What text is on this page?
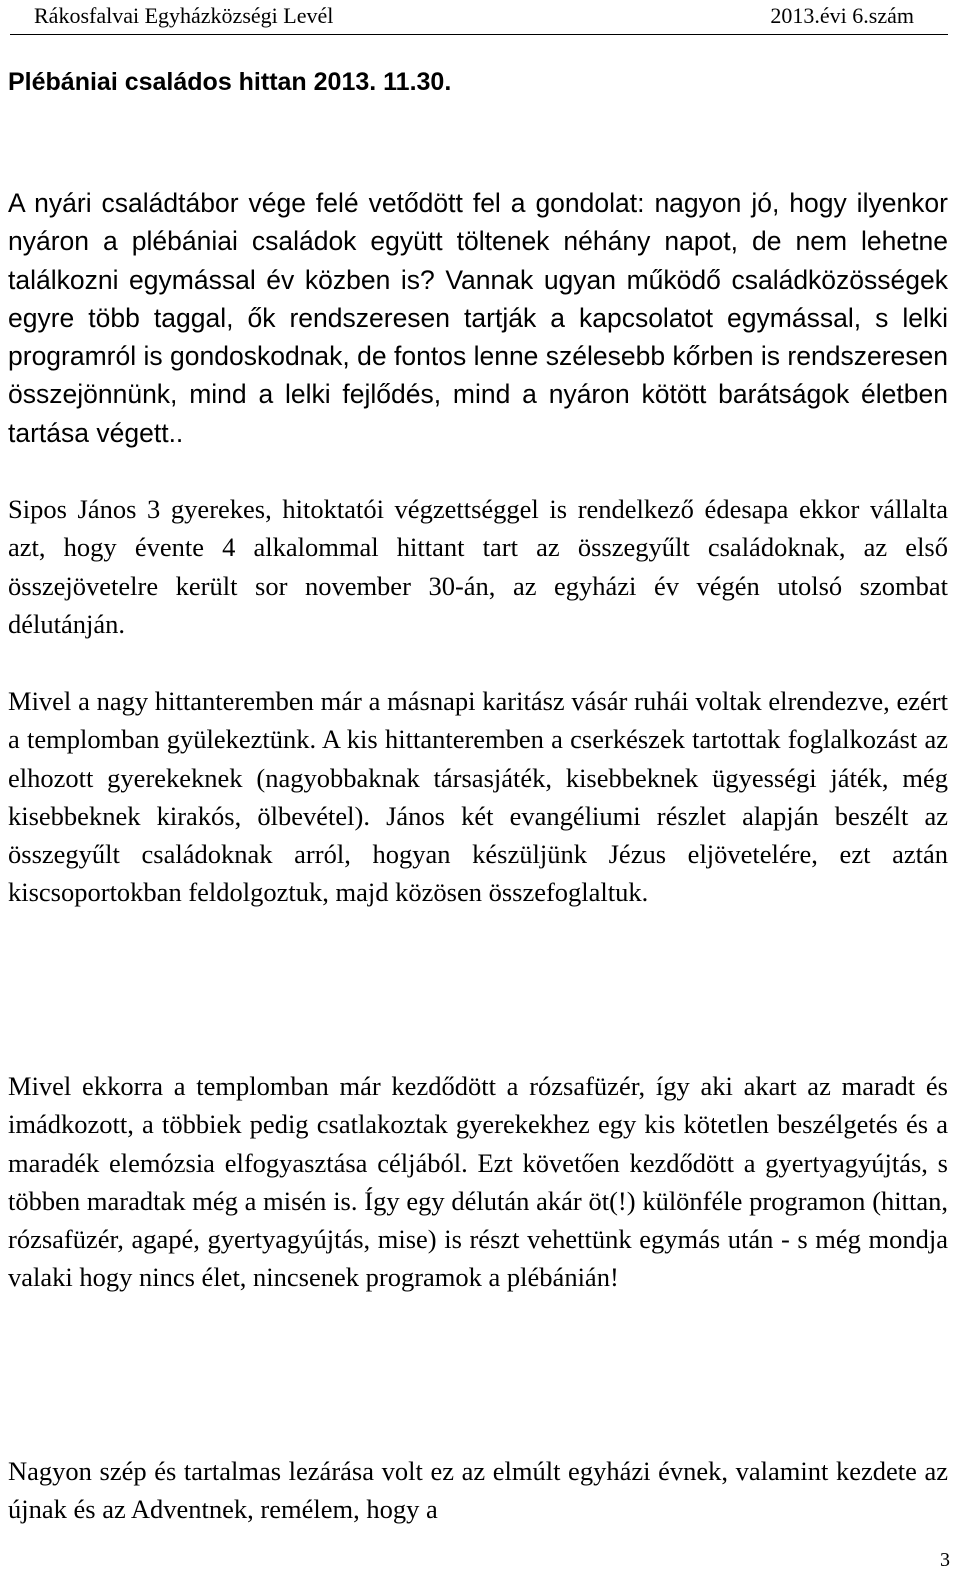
Rákosfalvai Egyházközségi Levél	2013.évi 6.szám
Plébániai családos hittan 2013. 11.30.

A nyári családtábor vége felé vetődött fel a gondolat: nagyon jó, hogy ilyenkor nyáron a plébániai családok együtt töltenek néhány napot, de nem lehetne találkozni egymással év közben is? Vannak ugyan működő családközösségek egyre több taggal, ők rendszeresen tartják a kapcsolatot egymással, s lelki programról is gondoskodnak, de fontos lenne szélesebb kőrben is rendszeresen összejönnünk, mind a lelki fejlődés, mind a nyáron kötött barátságok életben tartása végett..

Sipos János 3 gyerekes, hitoktatói végzettséggel is rendelkező édesapa ekkor vállalta azt, hogy évente 4 alkalommal hittant tart az összegyűlt családoknak, az első összejövetelre került sor november 30-án, az egyházi év végén utolsó szombat délutánján.

Mivel a nagy hittanteremben már a másnapi karitász vásár ruhái voltak elrendezve, ezért a templomban gyülekeztünk. A kis hittanteremben a cserkészek tartottak foglalkozást az elhozott gyerekeknek (nagyobbaknak társasjáték, kisebbeknek ügyességi játék, még kisebbeknek kirakós, ölbevétel). János két evangéliumi részlet alapján beszélt az összegyűlt családoknak arról, hogyan készüljünk Jézus eljövetelére, ezt aztán kiscsoportokban feldolgoztuk, majd közösen összefoglaltuk.

Mivel ekkorra a templomban már kezdődött a rózsafüzér, így aki akart az maradt és imádkozott, a többiek pedig csatlakoztak gyerekekhez egy kis kötetlen beszélgetés és a maradék elemózsia elfogyasztása céljából. Ezt követően kezdődött a gyertyagyújtás, s többen maradtak még a misén is. Így egy délután akár öt(!) különféle programon (hittan, rózsafüzér, agapé, gyertyagyújtás, mise) is részt vehettünk egymás után - s még mondja valaki hogy nincs élet, nincsenek programok a plébánián!

Nagyon szép és tartalmas lezárása volt ez az elmúlt egyházi évnek, valamint kezdete az újnak és az Adventnek, remélem, hogy a

3
